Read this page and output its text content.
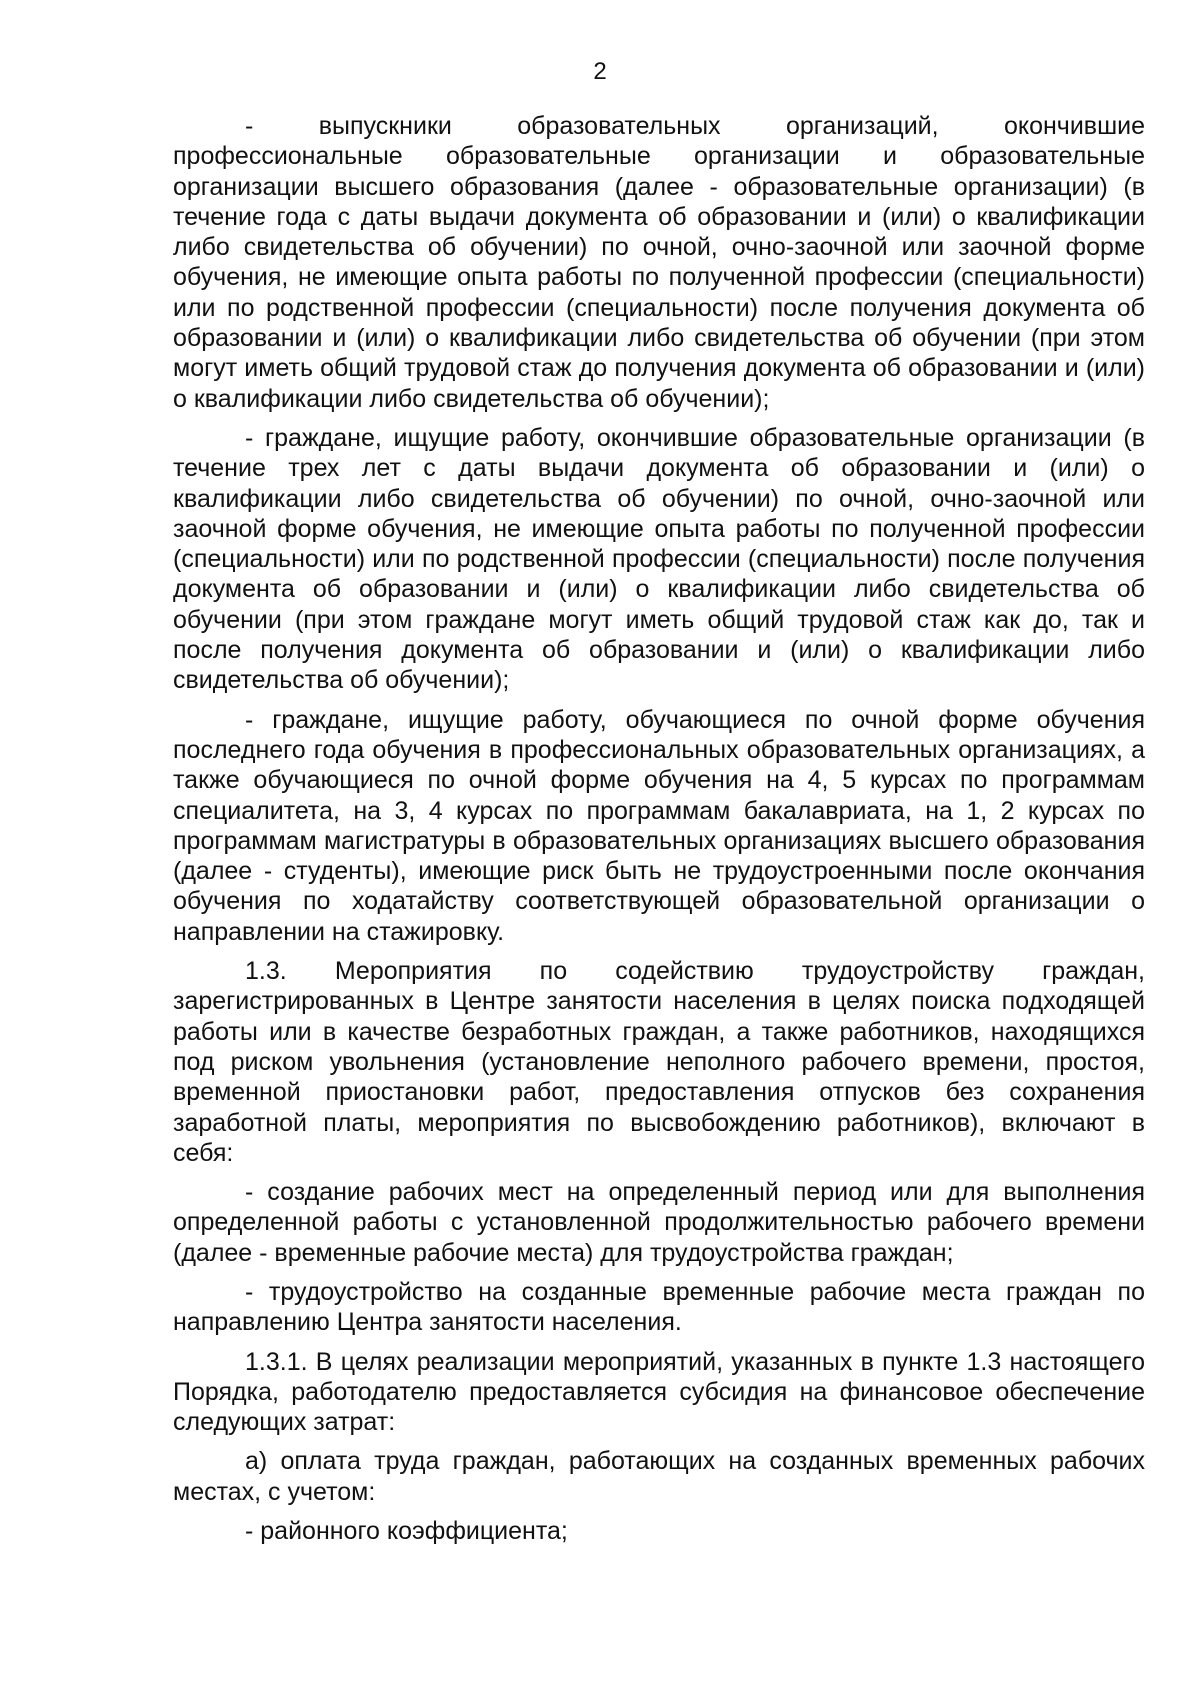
2

- выпускники образовательных организаций, окончившие профессиональные образовательные организации и образовательные организации высшего образования (далее - образовательные организации) (в течение года с даты выдачи документа об образовании и (или) о квалификации либо свидетельства об обучении) по очной, очно-заочной или заочной форме обучения, не имеющие опыта работы по полученной профессии (специальности) или по родственной профессии (специальности) после получения документа об образовании и (или) о квалификации либо свидетельства об обучении (при этом могут иметь общий трудовой стаж до получения документа об образовании и (или) о квалификации либо свидетельства об обучении);

- граждане, ищущие работу, окончившие образовательные организации (в течение трех лет с даты выдачи документа об образовании и (или) о квалификации либо свидетельства об обучении) по очной, очно-заочной или заочной форме обучения, не имеющие опыта работы по полученной профессии (специальности) или по родственной профессии (специальности) после получения документа об образовании и (или) о квалификации либо свидетельства об обучении (при этом граждане могут иметь общий трудовой стаж как до, так и после получения документа об образовании и (или) о квалификации либо свидетельства об обучении);

- граждане, ищущие работу, обучающиеся по очной форме обучения последнего года обучения в профессиональных образовательных организациях, а также обучающиеся по очной форме обучения на 4, 5 курсах по программам специалитета, на 3, 4 курсах по программам бакалавриата, на 1, 2 курсах по программам магистратуры в образовательных организациях высшего образования (далее - студенты), имеющие риск быть не трудоустроенными после окончания обучения по ходатайству соответствующей образовательной организации о направлении на стажировку.

1.3. Мероприятия по содействию трудоустройству граждан, зарегистрированных в Центре занятости населения в целях поиска подходящей работы или в качестве безработных граждан, а также работников, находящихся под риском увольнения (установление неполного рабочего времени, простоя, временной приостановки работ, предоставления отпусков без сохранения заработной платы, мероприятия по высвобождению работников), включают в себя:

- создание рабочих мест на определенный период или для выполнения определенной работы с установленной продолжительностью рабочего времени (далее - временные рабочие места) для трудоустройства граждан;

- трудоустройство на созданные временные рабочие места граждан по направлению Центра занятости населения.

1.3.1. В целях реализации мероприятий, указанных в пункте 1.3 настоящего Порядка, работодателю предоставляется субсидия на финансовое обеспечение следующих затрат:

а) оплата труда граждан, работающих на созданных временных рабочих местах, с учетом:

- районного коэффициента;
